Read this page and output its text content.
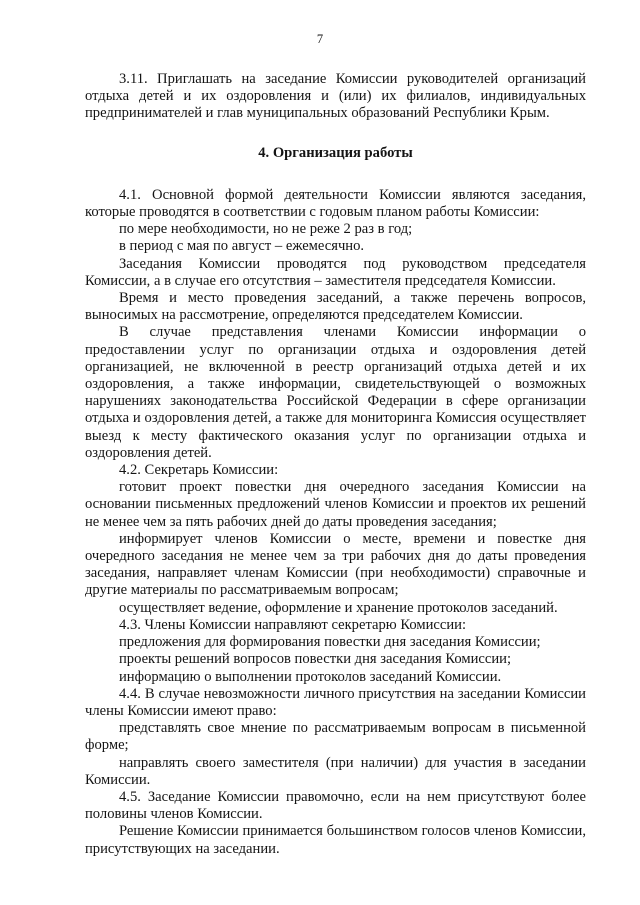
7

3.11. Приглашать на заседание Комиссии руководителей организаций отдыха детей и их оздоровления и (или) их филиалов, индивидуальных предпринимателей и глав муниципальных образований Республики Крым.

4. Организация работы

4.1. Основной формой деятельности Комиссии являются заседания, которые проводятся в соответствии с годовым планом работы Комиссии:

по мере необходимости, но не реже 2 раз в год;

в период с мая по август – ежемесячно.

Заседания Комиссии проводятся под руководством председателя Комиссии, а в случае его отсутствия – заместителя председателя Комиссии.

Время и место проведения заседаний, а также перечень вопросов, выносимых на рассмотрение, определяются председателем Комиссии.

В случае представления членами Комиссии информации о предоставлении услуг по организации отдыха и оздоровления детей организацией, не включенной в реестр организаций отдыха детей и их оздоровления, а также информации, свидетельствующей о возможных нарушениях законодательства Российской Федерации в сфере организации отдыха и оздоровления детей, а также для мониторинга Комиссия осуществляет выезд к месту фактического оказания услуг по организации отдыха и оздоровления детей.

4.2. Секретарь Комиссии:

готовит проект повестки дня очередного заседания Комиссии на основании письменных предложений членов Комиссии и проектов их решений не менее чем за пять рабочих дней до даты проведения заседания;

информирует членов Комиссии о месте, времени и повестке дня очередного заседания не менее чем за три рабочих дня до даты проведения заседания, направляет членам Комиссии (при необходимости) справочные и другие материалы по рассматриваемым вопросам;

осуществляет ведение, оформление и хранение протоколов заседаний.

4.3. Члены Комиссии направляют секретарю Комиссии:

предложения для формирования повестки дня заседания Комиссии;

проекты решений вопросов повестки дня заседания Комиссии;

информацию о выполнении протоколов заседаний Комиссии.

4.4. В случае невозможности личного присутствия на заседании Комиссии члены Комиссии имеют право:

представлять свое мнение по рассматриваемым вопросам в письменной форме;

направлять своего заместителя (при наличии) для участия в заседании Комиссии.

4.5. Заседание Комиссии правомочно, если на нем присутствуют более половины членов Комиссии.

Решение Комиссии принимается большинством голосов членов Комиссии, присутствующих на заседании.
